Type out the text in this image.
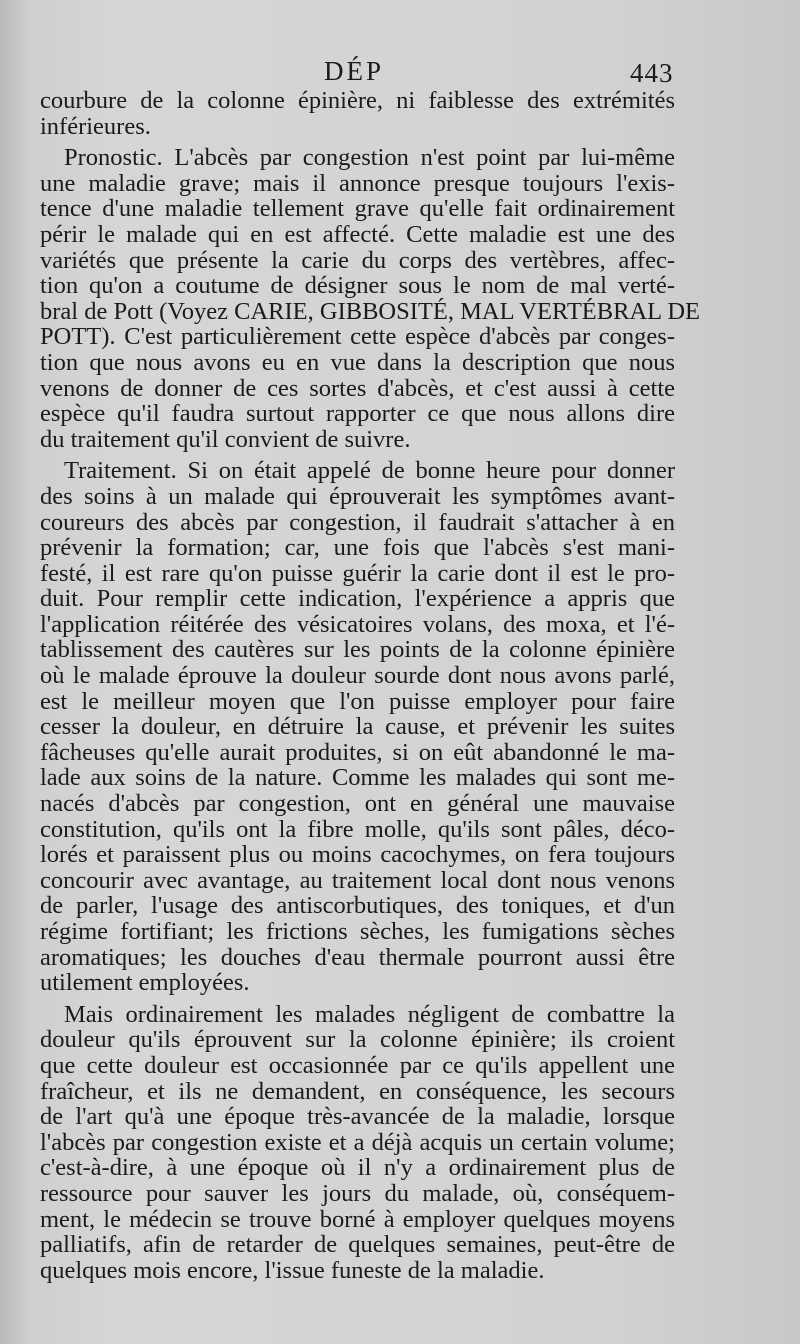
DÉP	443
courbure de la colonne épinière, ni faiblesse des extrémités
inférieures.
Pronostic. L'abcès par congestion n'est point par lui-même
une maladie grave; mais il annonce presque toujours l'exis-
tence d'une maladie tellement grave qu'elle fait ordinairement
périr le malade qui en est affecté. Cette maladie est une des
variétés que présente la carie du corps des vertèbres, affec-
tion qu'on a coutume de désigner sous le nom de mal verté-
bral de Pott (Voyez CARIE, GIBBOSITÉ, MAL VERTÉBRAL DE
POTT). C'est particulièrement cette espèce d'abcès par conges-
tion que nous avons eu en vue dans la description que nous
venons de donner de ces sortes d'abcès, et c'est aussi à cette
espèce qu'il faudra surtout rapporter ce que nous allons dire
du traitement qu'il convient de suivre.
Traitement. Si on était appelé de bonne heure pour donner
des soins à un malade qui éprouverait les symptômes avant-
coureurs des abcès par congestion, il faudrait s'attacher à en
prévenir la formation; car, une fois que l'abcès s'est mani-
festé, il est rare qu'on puisse guérir la carie dont il est le pro-
duit. Pour remplir cette indication, l'expérience a appris que
l'application réitérée des vésicatoires volans, des moxa, et l'é-
tablissement des cautères sur les points de la colonne épinière
où le malade éprouve la douleur sourde dont nous avons parlé,
est le meilleur moyen que l'on puisse employer pour faire
cesser la douleur, en détruire la cause, et prévenir les suites
fâcheuses qu'elle aurait produites, si on eût abandonné le ma-
lade aux soins de la nature. Comme les malades qui sont me-
nacés d'abcès par congestion, ont en général une mauvaise
constitution, qu'ils ont la fibre molle, qu'ils sont pâles, déco-
lorés et paraissent plus ou moins cacochymes, on fera toujours
concourir avec avantage, au traitement local dont nous venons
de parler, l'usage des antiscorbutiques, des toniques, et d'un
régime fortifiant; les frictions sèches, les fumigations sèches
aromatiques; les douches d'eau thermale pourront aussi être
utilement employées.
Mais ordinairement les malades négligent de combattre la
douleur qu'ils éprouvent sur la colonne épinière; ils croient
que cette douleur est occasionnée par ce qu'ils appellent une
fraîcheur, et ils ne demandent, en conséquence, les secours
de l'art qu'à une époque très-avancée de la maladie, lorsque
l'abcès par congestion existe et a déjà acquis un certain volume;
c'est-à-dire, à une époque où il n'y a ordinairement plus de
ressource pour sauver les jours du malade, où, conséquem-
ment, le médecin se trouve borné à employer quelques moyens
palliatifs, afin de retarder de quelques semaines, peut-être de
quelques mois encore, l'issue funeste de la maladie.
